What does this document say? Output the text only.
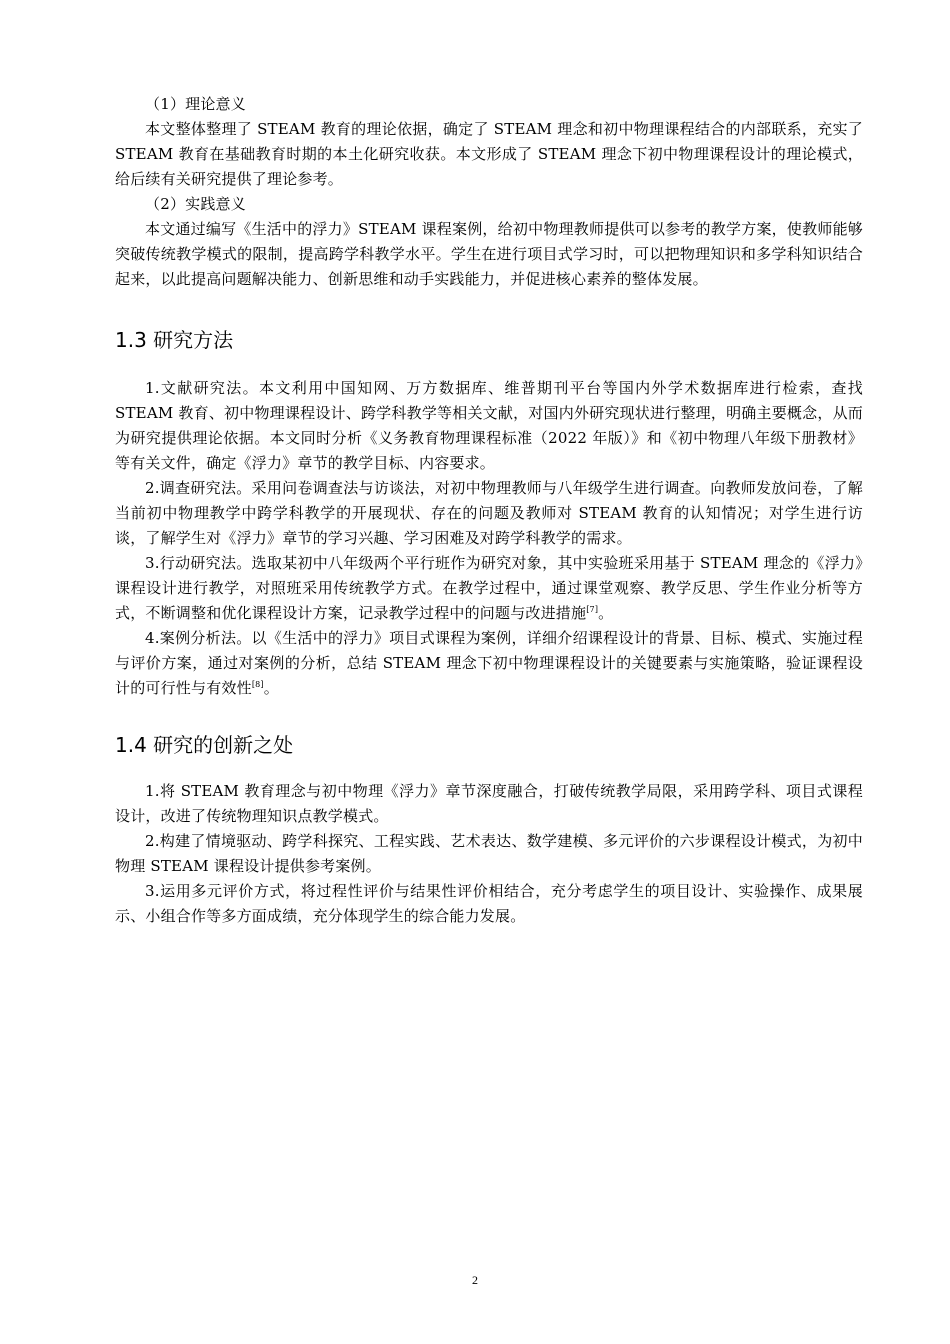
（1）理论意义

本文整体整理了 STEAM 教育的理论依据，确定了 STEAM 理念和初中物理课程结合的内部联系，充实了 STEAM 教育在基础教育时期的本土化研究收获。本文形成了 STEAM 理念下初中物理课程设计的理论模式，给后续有关研究提供了理论参考。

（2）实践意义

本文通过编写《生活中的浮力》STEAM 课程案例，给初中物理教师提供可以参考的教学方案，使教师能够突破传统教学模式的限制，提高跨学科教学水平。学生在进行项目式学习时，可以把物理知识和多学科知识结合起来，以此提高问题解决能力、创新思维和动手实践能力，并促进核心素养的整体发展。

1.3 研究方法

1.文献研究法。本文利用中国知网、万方数据库、维普期刊平台等国内外学术数据库进行检索，查找 STEAM 教育、初中物理课程设计、跨学科教学等相关文献，对国内外研究现状进行整理，明确主要概念，从而为研究提供理论依据。本文同时分析《义务教育物理课程标准（2022 年版）》和《初中物理八年级下册教材》等有关文件，确定《浮力》章节的教学目标、内容要求。

2.调查研究法。采用问卷调查法与访谈法，对初中物理教师与八年级学生进行调查。向教师发放问卷，了解当前初中物理教学中跨学科教学的开展现状、存在的问题及教师对 STEAM 教育的认知情况；对学生进行访谈，了解学生对《浮力》章节的学习兴趣、学习困难及对跨学科教学的需求。

3.行动研究法。选取某初中八年级两个平行班作为研究对象，其中实验班采用基于 STEAM 理念的《浮力》课程设计进行教学，对照班采用传统教学方式。在教学过程中，通过课堂观察、教学反思、学生作业分析等方式，不断调整和优化课程设计方案，记录教学过程中的问题与改进措施[7]。

4.案例分析法。以《生活中的浮力》项目式课程为案例，详细介绍课程设计的背景、目标、模式、实施过程与评价方案，通过对案例的分析，总结 STEAM 理念下初中物理课程设计的关键要素与实施策略，验证课程设计的可行性与有效性[8]。

1.4 研究的创新之处

1.将 STEAM 教育理念与初中物理《浮力》章节深度融合，打破传统教学局限，采用跨学科、项目式课程设计，改进了传统物理知识点教学模式。

2.构建了情境驱动、跨学科探究、工程实践、艺术表达、数学建模、多元评价的六步课程设计模式，为初中物理 STEAM 课程设计提供参考案例。

3.运用多元评价方式，将过程性评价与结果性评价相结合，充分考虑学生的项目设计、实验操作、成果展示、小组合作等多方面成绩，充分体现学生的综合能力发展。

2
